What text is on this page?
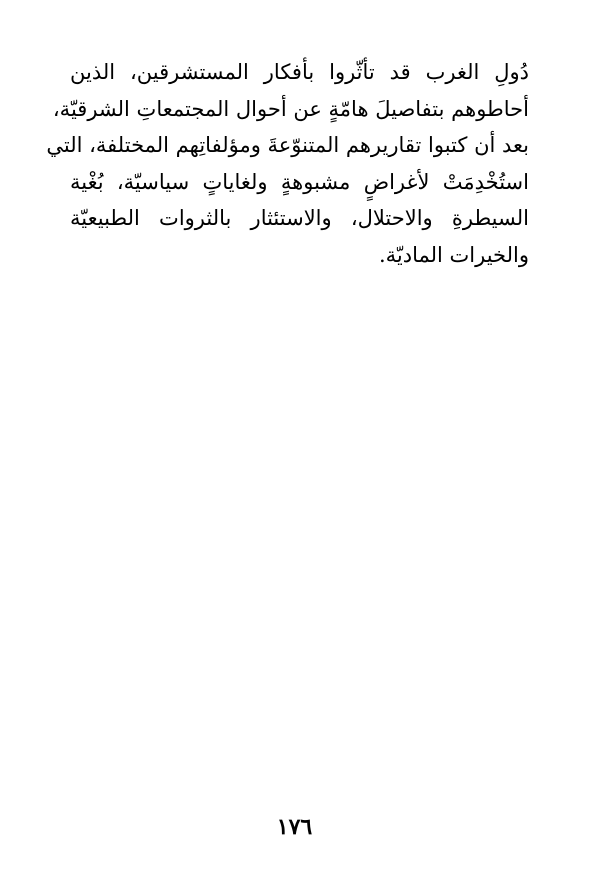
دُولِ الغرب قد تأثّروا بأفكار المستشرقين، الذين
أحاطوهم بتفاصيلَ هامّةٍ عن أحوال المجتمعاتِ الشرقيّة،
بعد أن كتبوا تقاريرهم المتنوّعةَ ومؤلفاتِهم المختلفة، التي
استُخْدِمَتْ لأغراضٍ مشبوهةٍ ولغاياتٍ سياسيّة، بُغْية
السيطرةِ والاحتلال، والاستئثار بالثروات الطبيعيّة
والخيرات الماديّة.
١٧٦
